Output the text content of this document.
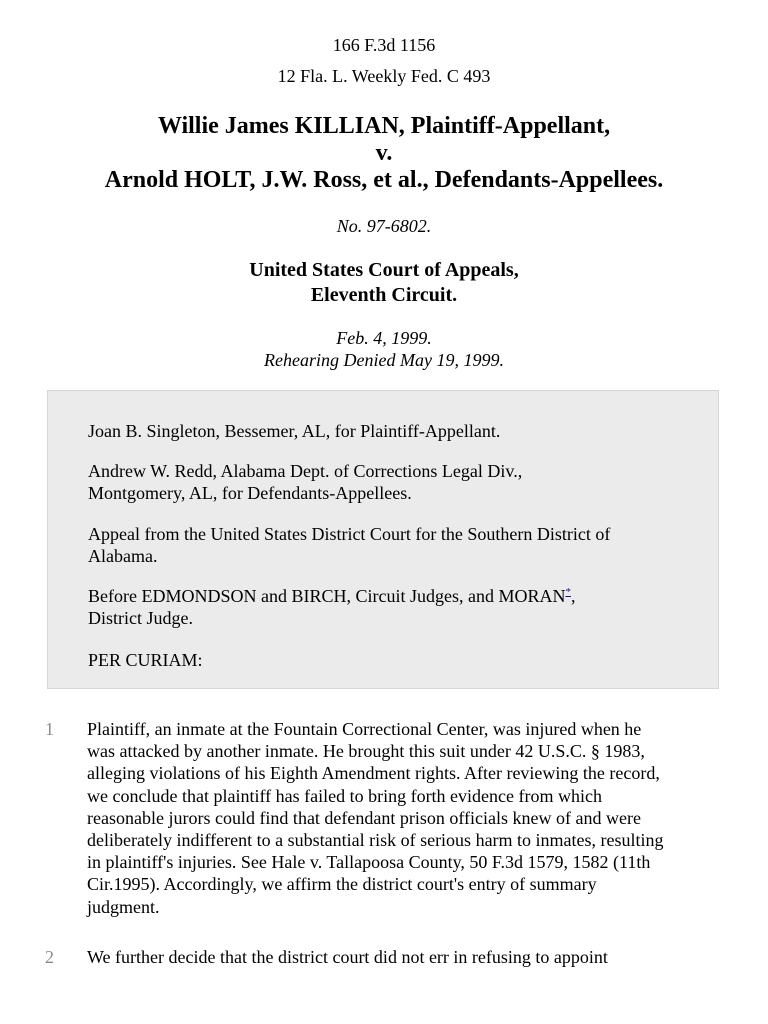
166 F.3d 1156
12 Fla. L. Weekly Fed. C 493
Willie James KILLIAN, Plaintiff-Appellant,
v.
Arnold HOLT, J.W. Ross, et al., Defendants-Appellees.
No. 97-6802.
United States Court of Appeals,
Eleventh Circuit.
Feb. 4, 1999.
Rehearing Denied May 19, 1999.
Joan B. Singleton, Bessemer, AL, for Plaintiff-Appellant.
Andrew W. Redd, Alabama Dept. of Corrections Legal Div.,
Montgomery, AL, for Defendants-Appellees.
Appeal from the United States District Court for the Southern District of
Alabama.
Before EDMONDSON and BIRCH, Circuit Judges, and MORAN*,
District Judge.
PER CURIAM:
1 Plaintiff, an inmate at the Fountain Correctional Center, was injured when he
was attacked by another inmate. He brought this suit under 42 U.S.C. § 1983,
alleging violations of his Eighth Amendment rights. After reviewing the record,
we conclude that plaintiff has failed to bring forth evidence from which
reasonable jurors could find that defendant prison officials knew of and were
deliberately indifferent to a substantial risk of serious harm to inmates, resulting
in plaintiff's injuries. See Hale v. Tallapoosa County, 50 F.3d 1579, 1582 (11th
Cir.1995). Accordingly, we affirm the district court's entry of summary
judgment.
2 We further decide that the district court did not err in refusing to appoint
